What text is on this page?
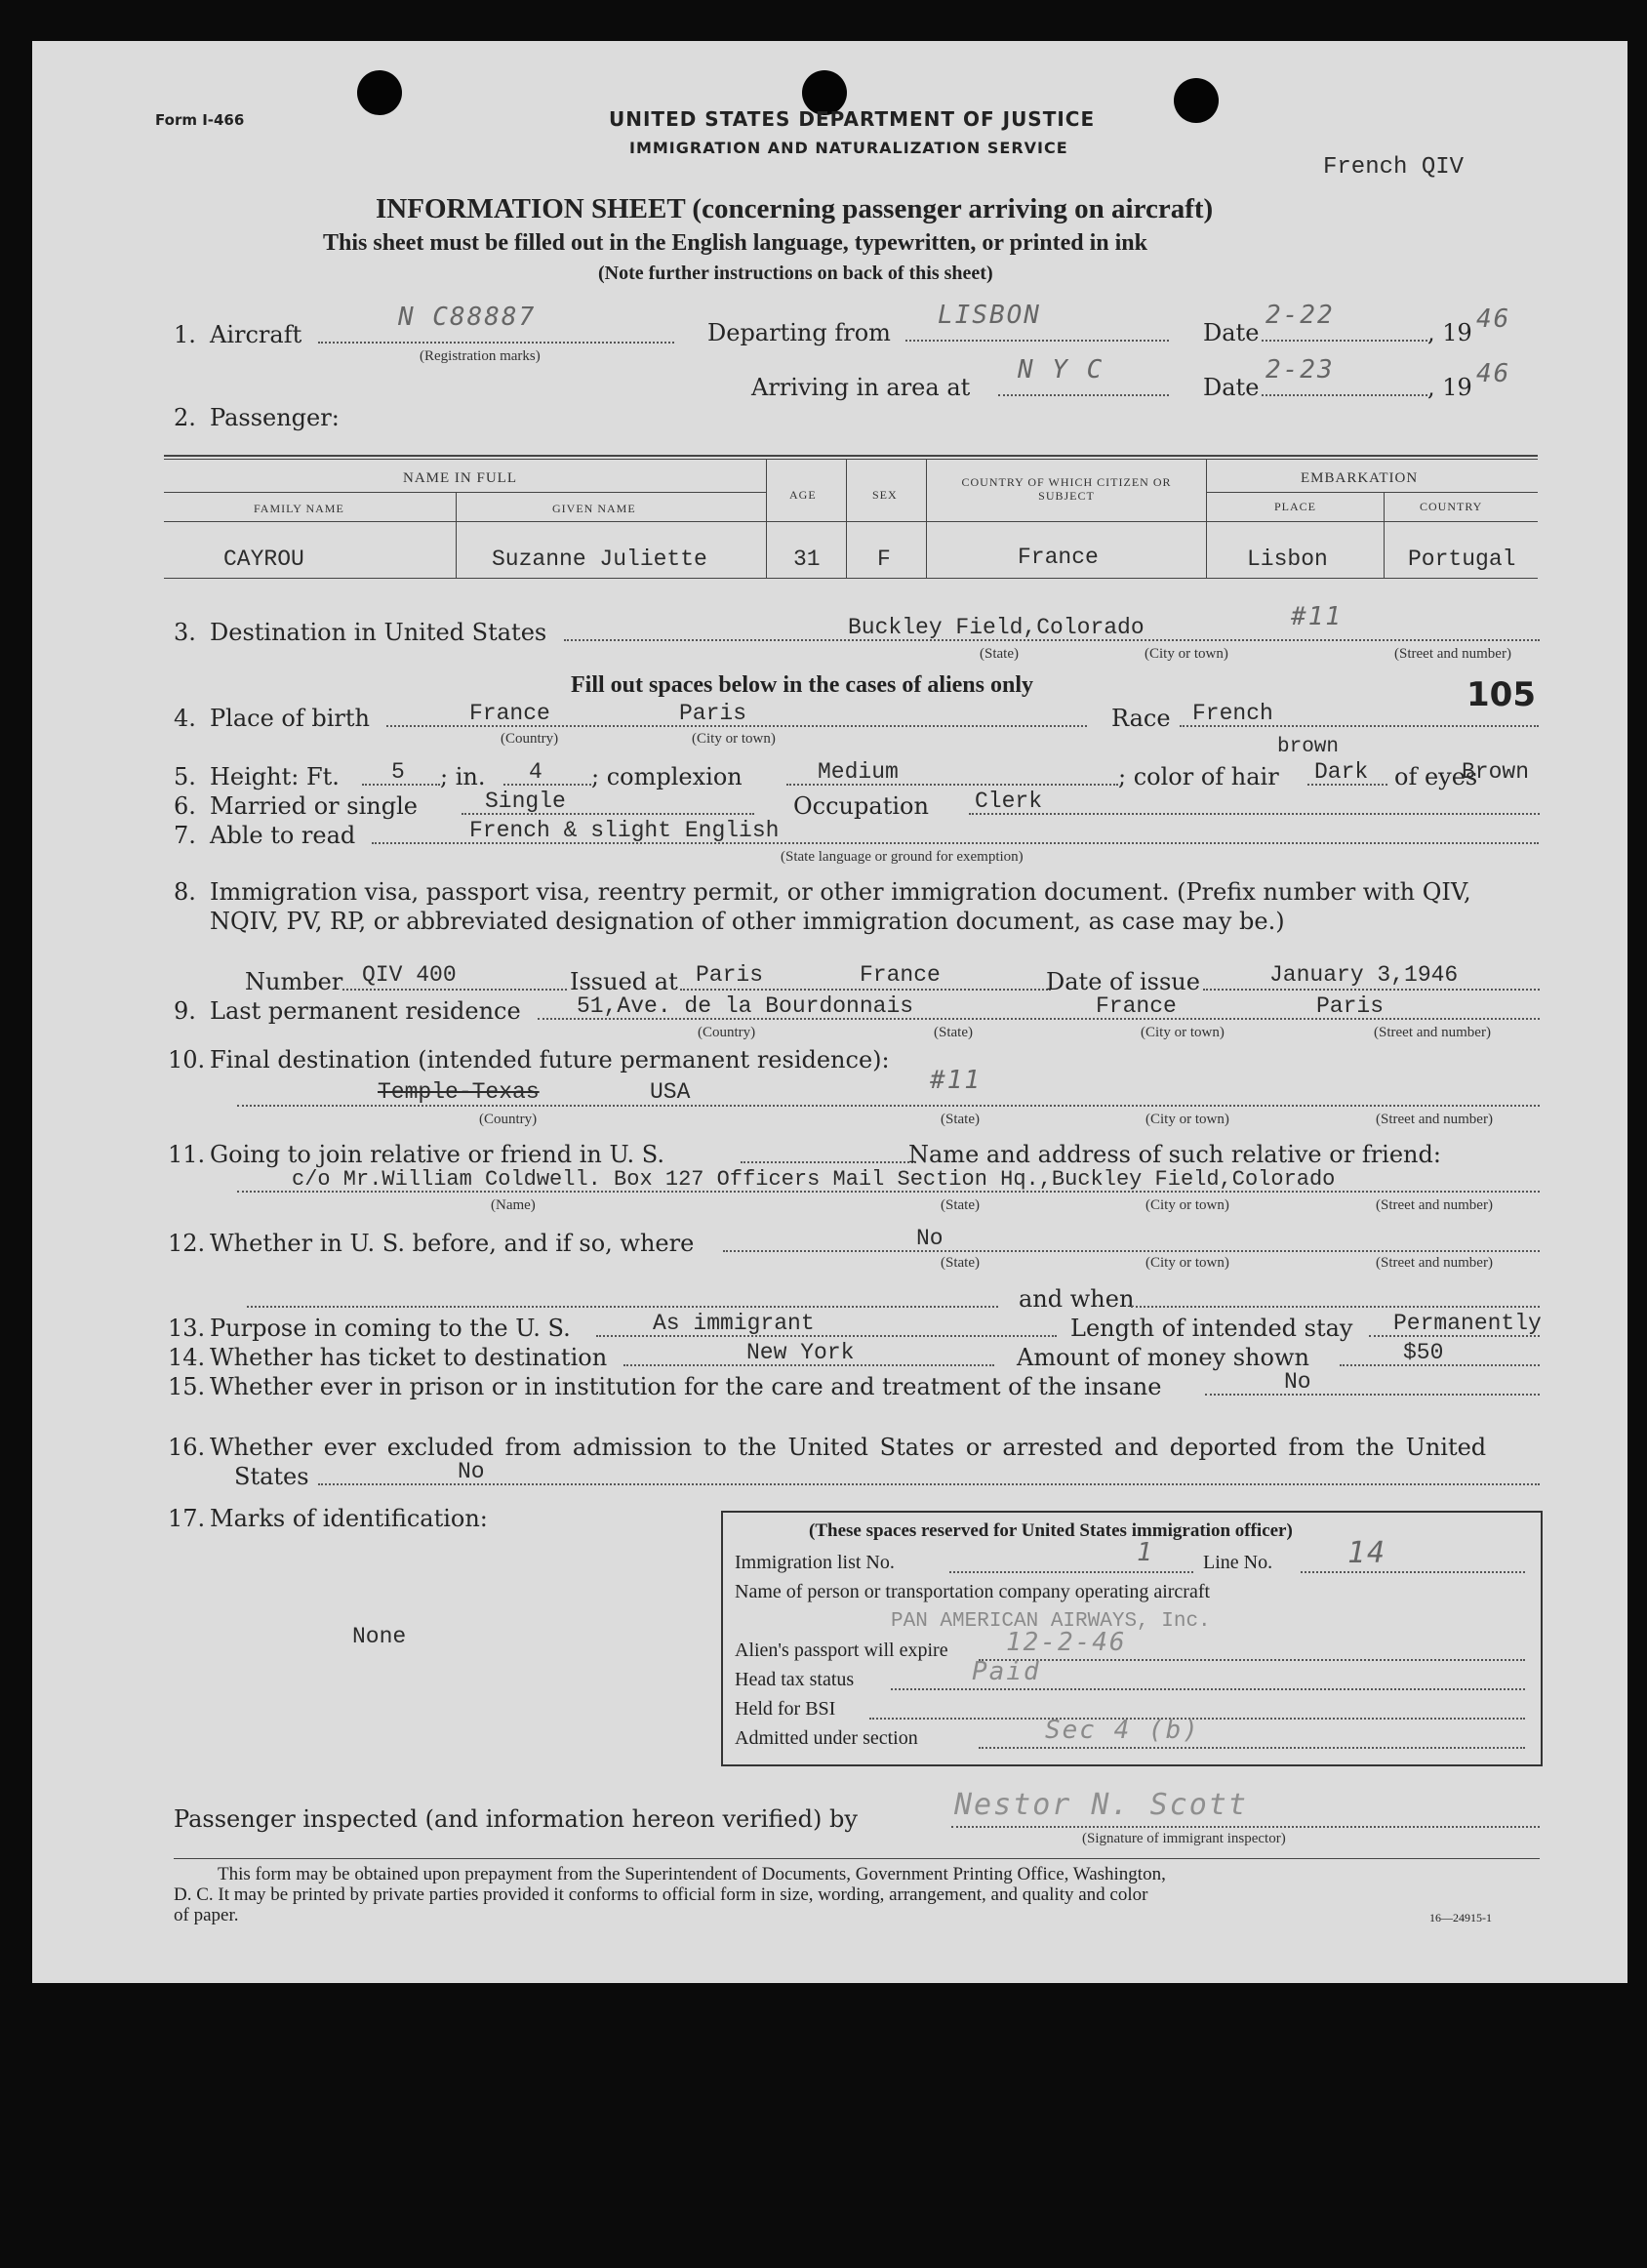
Form I-466	UNITED STATES DEPARTMENT OF JUSTICE
IMMIGRATION AND NATURALIZATION SERVICE
French QIV
INFORMATION SHEET (concerning passenger arriving on aircraft)
This sheet must be filled out in the English language, typewritten, or printed in ink
(Note further instructions on back of this sheet)
1. Aircraft
N C88887
(Registration marks)
Departing from
LISBON
Date
2-22
, 19 46
Arriving in area at
N Y C
Date
2-23
, 19 46
2. Passenger:
NAME IN FULL
FAMILY NAME	GIVEN NAME
AGE	SEX
COUNTRY OF WHICH CITIZEN OR SUBJECT
EMBARKATION
PLACE	COUNTRY
CAYROU	Suzanne Juliette	31	F	France	Lisbon	Portugal
3. Destination in United States	Buckley Field,Colorado	#11
(State)	(City or town)	(Street and number)
Fill out spaces below in the cases of aliens only	105
4. Place of birth	France	Paris
(Country)	(City or town)
Race French
brown
5. Height: Ft. 5 ; in. 4 ; complexion	Medium	; color of hair Dark of eyes
Brown
6. Married or single	Single	Occupation Clerk
7. Able to read	French & slight English
(State language or ground for exemption)
8. Immigration visa, passport visa, reentry permit, or other immigration document. (Prefix number with QIV,
NQIV, PV, RP, or abbreviated designation of other immigration document, as case may be.)
Number QIV 400	Issued at Paris	France	Date of issue	January 3,1946
9. Last permanent residence 51,Ave. de la Bourdonnais	France	Paris
(Country)	(State)	(City or town)	(Street and number)
10. Final destination (intended future permanent residence):
Temple-Texas	USA	#11
(Country)	(State)	(City or town)	(Street and number)
11. Going to join relative or friend in U. S.	Name and address of such relative or friend:
c/o Mr.William Coldwell. Box 127 Officers Mail Section Hq.,Buckley Field,Colorado
(Name)	(State)	(City or town)	(Street and number)
12. Whether in U. S. before, and if so, where	No
(State)	(City or town)	(Street and number)
and when
13. Purpose in coming to the U. S.	As immigrant	Length of intended stay Permanently
14. Whether has ticket to destination	New York	Amount of money shown	$50
15. Whether ever in prison or in institution for the care and treatment of the insane	No
16. Whether ever excluded from admission to the United States or arrested and deported from the United
States	No
17. Marks of identification:
None
(These spaces reserved for United States immigration officer)
Immigration list No.	1	Line No.	14
Name of person or transportation company operating aircraft
PAN AMERICAN AIRWAYS, Inc.
Alien's passport will expire 12-2-46
Head tax status	Paid
Held for BSI
Admitted under section	Sec 4 (b)
Passenger inspected (and information hereon verified) by	Nestor N. Scott
(Signature of immigrant inspector)
This form may be obtained upon prepayment from the Superintendent of Documents, Government Printing Office, Washington,
D. C. It may be printed by private parties provided it conforms to official form in size, wording, arrangement, and quality and color
of paper.	16—24915-1
